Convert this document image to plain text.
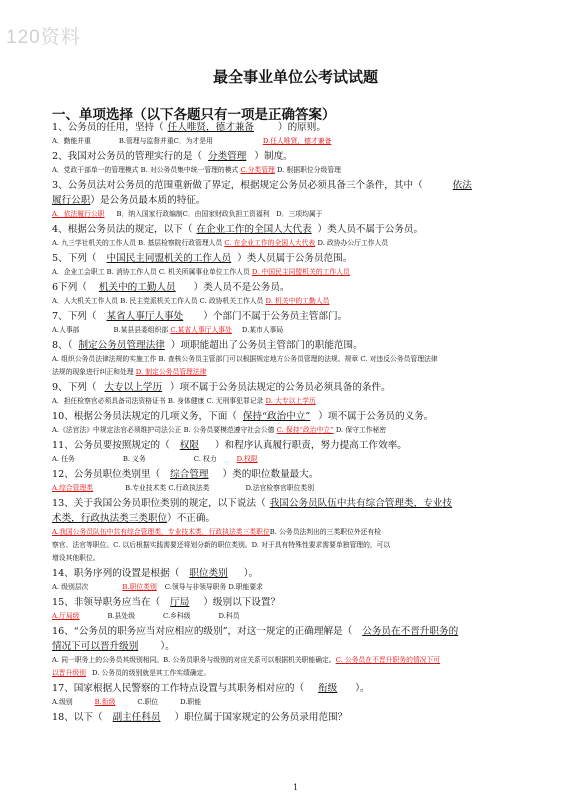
120资料
最全事业单位公考试试题
一、单项选择（以下各题只有一项是正确答案）

1、公务员的任用，坚持（ 任人唯贤，德才兼备	）的原则。

A．勤能并重	B.管理与监督并重C．为才是用	D.任人唯贤，德才兼备

2、我国对公务员的管理实行的是（ 分类管理 ）制度。

A．党政干部单一的管理模式 B. 对公务员集中统一管理的模式 C.分类管理 D. 根据职位分级管理

3、公务员法对公务员的范围重新做了界定，根据规定公务员必须具备三个条件，其中（	依法
履行公职）是公务员最本质的特征。

A．依法履行公职 B．纳入国家行政编制C．由国家财政负担工资福利　D．三项均属于

4、根据公务员法的规定，以下（ 在企业工作的全国人大代表 ）类人员不属于公务员。

A. 九三学社机关的工作人员 B. 基层检察院行政管理人员 C. 在企业工作的全国人大代表 D. 政协办公厅工作人员

5、下列（ 中国民主同盟机关的工作人员 ）类人员属于公务员范围。

A．企业工会职工 B. 消协工作人员 C. 机关所属事业单位工作人员 D. 中国民主同盟机关的工作人员

6下列（ 机关中的工勤人员 ）类人员不是公务员。

A．人大机关工作人员 B. 民主党派机关工作人员 C. 政协机关工作人员 D. 机关中的工勤人员

7、下列（ 某省人事厅人事处 ）个部门不属于公务员主管部门。

A.人事部	B.某县县委组织部 C.某省人事厅人事处 D.某市人事局

8、（ 制定公务员管理法律 ）项职能超出了公务员主管部门的职能范围。

A. 组织公务员法律法规的实施工作 B. 查核公务员主管部门可以根据规定地方公务员管理的法规、规章 C. 对违反公务员管理法律

法规的现象进行纠正和处理 D. 制定公务员管理法律

9、下列（ 大专以上学历 ）项不属于公务员法规定的公务员必须具备的条件。

A．担任检察官必须具备司法资格证书 B. 身体健康 C. 无刑事犯罪记录 D. 大专以上学历

10、根据公务员法规定的几项义务，下面（ 保持“政治中立” ）项不属于公务员的义务。

A.《法官法》中规定法官必须维护司法公正 B. 公务员要模范遵守社会公德 C. 保持“政治中立” D. 保守工作秘密

11、公务员要按照规定的（ 权限 ）和程序认真履行职责，努力提高工作效率。

A. 任务	B. 义务	C. 权力	D.权限

12、公务员职位类别里（ 综合管理 ）类的职位数量最大。

A.综合管理类	B.专业技术类 C.行政执法类	D.法官检察官职位类别

13、关于我国公务员职位类别的规定，以下说法（ 我国公务员队伍中共有综合管理类，专业技
术类，行政执法类三类职位）不正确。

A.我国公务员队伍中共有综合管理类，专业技术类，行政执法类三类职位B. 公务员法判出的三类职位外还有检

察官、法官等职位。C. 以后根据实践需要还将划分新的职位类别。D. 对于具有特殊性要求需要单独管理的，可以

增设其他职位。

14、职务序列的设置是根据（ 职位类别 ）。

A. 级别层次	B.职位类别 C.领导与非领导职务 D.职能要求

15、非领导职务应当在（ 厅局 ）级别以下设置？

A.厅局级	B.县处级	C.乡科级	D.科员

16、“公务员的职务应当对应相应的级别”，对这一规定的正确理解是（ 公务员在不晋升职务的
情况下可以晋升级别 ）。

A. 同一职务上的公务员其级别相同。B. 公务员职务与级别的对应关系可以根据机关职能确定。C. 公务员在不晋升职务的情况下可

以晋升级别 D. 公务员的级别就是其工作实绩确定。

17、国家根据人民警察的工作特点设置与其职务相对应的（ 衔级 ）。

A.级别	B.衔级	C.职位	D.职能

18、以下（ 副主任科员 ）职位属于国家规定的公务员录用范围？

1
